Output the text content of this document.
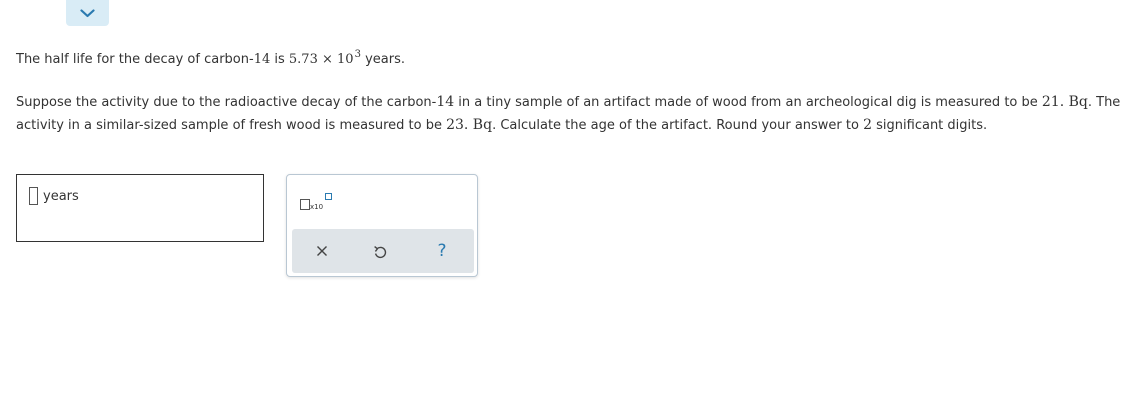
The half life for the decay of carbon-14 is $5.73 \times 10^3$ years.
Suppose the activity due to the radioactive decay of the carbon-14 in a tiny sample of an artifact made of wood from an archeological dig is measured to be 21. Bq. The activity in a similar-sized sample of fresh wood is measured to be 23. Bq. Calculate the age of the artifact. Round your answer to 2 significant digits.
years
x10
?
